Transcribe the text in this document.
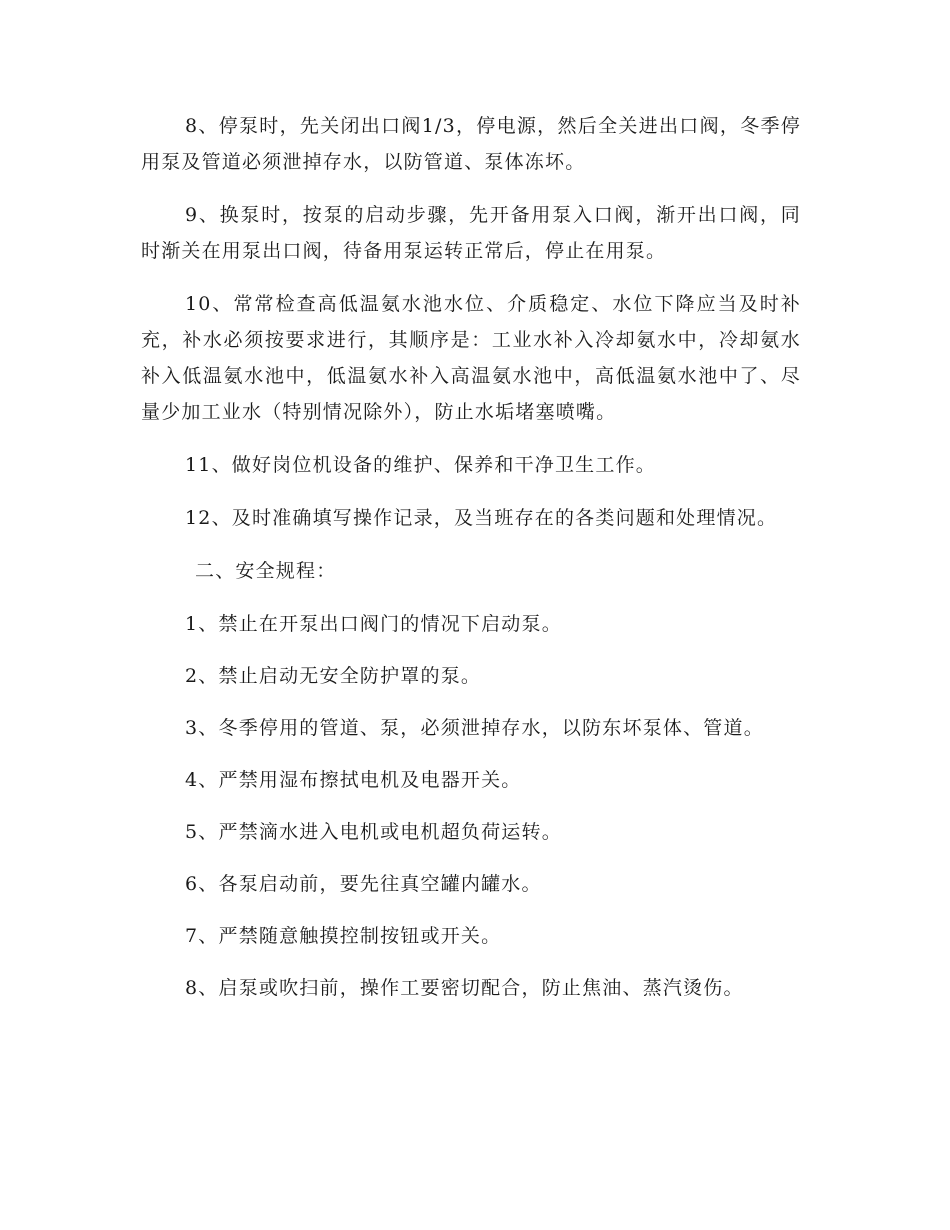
8、停泵时，先关闭出口阀1/3，停电源，然后全关进出口阀，冬季停用泵及管道必须泄掉存水，以防管道、泵体冻坏。

9、换泵时，按泵的启动步骤，先开备用泵入口阀，渐开出口阀，同时渐关在用泵出口阀，待备用泵运转正常后，停止在用泵。

10、常常检查高低温氨水池水位、介质稳定、水位下降应当及时补充，补水必须按要求进行，其顺序是：工业水补入冷却氨水中，冷却氨水补入低温氨水池中，低温氨水补入高温氨水池中，高低温氨水池中了、尽量少加工业水（特别情况除外），防止水垢堵塞喷嘴。

11、做好岗位机设备的维护、保养和干净卫生工作。

12、及时准确填写操作记录，及当班存在的各类问题和处理情况。

二、安全规程：

1、禁止在开泵出口阀门的情况下启动泵。

2、禁止启动无安全防护罩的泵。

3、冬季停用的管道、泵，必须泄掉存水，以防东坏泵体、管道。

4、严禁用湿布擦拭电机及电器开关。

5、严禁滴水进入电机或电机超负荷运转。

6、各泵启动前，要先往真空罐内罐水。

7、严禁随意触摸控制按钮或开关。

8、启泵或吹扫前，操作工要密切配合，防止焦油、蒸汽烫伤。
